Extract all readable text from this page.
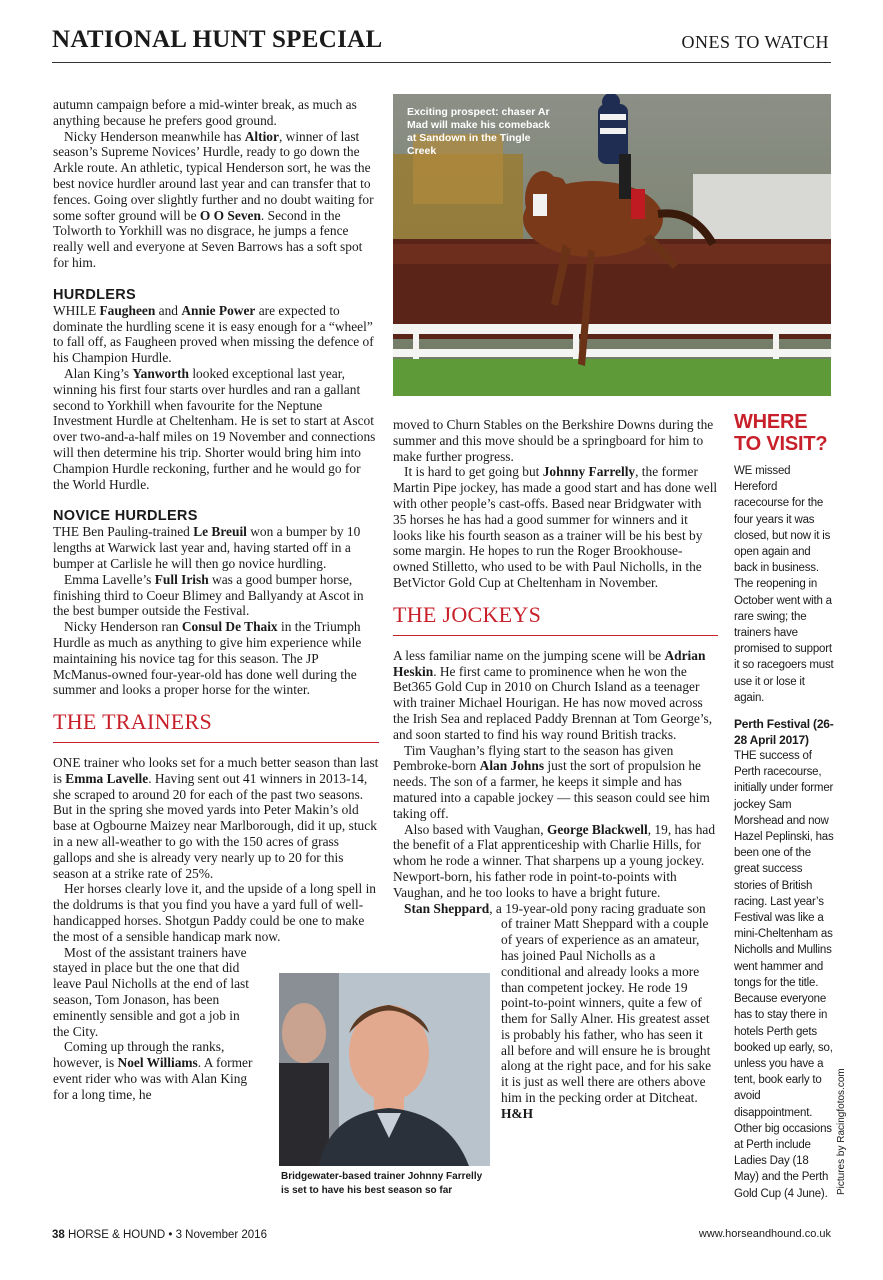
NATIONAL HUNT SPECIAL	ONES TO WATCH
Exciting prospect: chaser Ar Mad will make his comeback at Sandown in the Tingle Creek

autumn campaign before a mid-winter break, as much as anything because he prefers good ground.

Nicky Henderson meanwhile has Altior, winner of last season’s Supreme Novices’ Hurdle, ready to go down the Arkle route. An athletic, typical Henderson sort, he was the best novice hurdler around last year and can transfer that to fences. Going over slightly further and no doubt waiting for some softer ground will be O O Seven. Second in the Tolworth to Yorkhill was no disgrace, he jumps a fence really well and everyone at Seven Barrows has a soft spot for him.

HURDLERS

WHILE Faugheen and Annie Power are expected to dominate the hurdling scene it is easy enough for a “wheel” to fall off, as Faugheen proved when missing the defence of his Champion Hurdle.

Alan King’s Yanworth looked exceptional last year, winning his first four starts over hurdles and ran a gallant second to Yorkhill when favourite for the Neptune Investment Hurdle at Cheltenham. He is set to start at Ascot over two-and-a-half miles on 19 November and connections will then determine his trip. Shorter would bring him into Champion Hurdle reckoning, further and he would go for the World Hurdle.

NOVICE HURDLERS

THE Ben Pauling-trained Le Breuil won a bumper by 10 lengths at Warwick last year and, having started off in a bumper at Carlisle he will then go novice hurdling.

Emma Lavelle’s Full Irish was a good bumper horse, finishing third to Coeur Blimey and Ballyandy at Ascot in the best bumper outside the Festival.

Nicky Henderson ran Consul De Thaix in the Triumph Hurdle as much as anything to give him experience while maintaining his novice tag for this season. The JP McManus-owned four-year-old has done well during the summer and looks a proper horse for the winter.

THE TRAINERS

ONE trainer who looks set for a much better season than last is Emma Lavelle. Having sent out 41 winners in 2013-14, she scraped to around 20 for each of the past two seasons. But in the spring she moved yards into Peter Makin’s old base at Ogbourne Maizey near Marlborough, did it up, stuck in a new all-weather to go with the 150 acres of grass gallops and she is already very nearly up to 20 for this season at a strike rate of 25%.

Her horses clearly love it, and the upside of a long spell in the doldrums is that you find you have a yard full of well-handicapped horses. Shotgun Paddy could be one to make the most of a sensible handicap mark now.

Most of the assistant trainers have stayed in place but the one that did leave Paul Nicholls at the end of last season, Tom Jonason, has been eminently sensible and got a job in the City.

Coming up through the ranks, however, is Noel Williams. A former event rider who was with Alan King for a long time, he

Bridgewater-based trainer Johnny Farrelly is set to have his best season so far

moved to Churn Stables on the Berkshire Downs during the summer and this move should be a springboard for him to make further progress.

It is hard to get going but Johnny Farrelly, the former Martin Pipe jockey, has made a good start and has done well with other people’s cast-offs. Based near Bridgwater with 35 horses he has had a good summer for winners and it looks like his fourth season as a trainer will be his best by some margin. He hopes to run the Roger Brookhouse-owned Stilletto, who used to be with Paul Nicholls, in the BetVictor Gold Cup at Cheltenham in November.

THE JOCKEYS

A less familiar name on the jumping scene will be Adrian Heskin. He first came to prominence when he won the Bet365 Gold Cup in 2010 on Church Island as a teenager with trainer Michael Hourigan. He has now moved across the Irish Sea and replaced Paddy Brennan at Tom George’s, and soon started to find his way round British tracks.

Tim Vaughan’s flying start to the season has given Pembroke-born Alan Johns just the sort of propulsion he needs. The son of a farmer, he keeps it simple and has matured into a capable jockey — this season could see him taking off.

Also based with Vaughan, George Blackwell, 19, has had the benefit of a Flat apprenticeship with Charlie Hills, for whom he rode a winner. That sharpens up a young jockey. Newport-born, his father rode in point-to-points with Vaughan, and he too looks to have a bright future.

Stan Sheppard, a 19-year-old pony racing graduate son of trainer Matt Sheppard with a couple of years of experience as an amateur, has joined Paul Nicholls as a conditional and already looks a more than competent jockey. He rode 19 point-to-point winners, quite a few of them for Sally Alner. His greatest asset is probably his father, who has seen it all before and will ensure he is brought along at the right pace, and for his sake it is just as well there are others above him in the pecking order at Ditcheat. H&H

WHERE TO VISIT?

WE missed Hereford racecourse for the four years it was closed, but now it is open again and back in business. The reopening in October went with a rare swing; the trainers have promised to support it so racegoers must use it or lose it again.

Perth Festival (26-28 April 2017)

THE success of Perth racecourse, initially under former jockey Sam Morshead and now Hazel Peplinski, has been one of the great success stories of British racing. Last year’s Festival was like a mini-Cheltenham as Nicholls and Mullins went hammer and tongs for the title. Because everyone has to stay there in hotels Perth gets booked up early, so, unless you have a tent, book early to avoid disappointment. Other big occasions at Perth include Ladies Day (18 May) and the Perth Gold Cup (4 June). Pictures by Racingfotos.com
38 HORSE & HOUND • 3 November 2016	www.horseandhound.co.uk
